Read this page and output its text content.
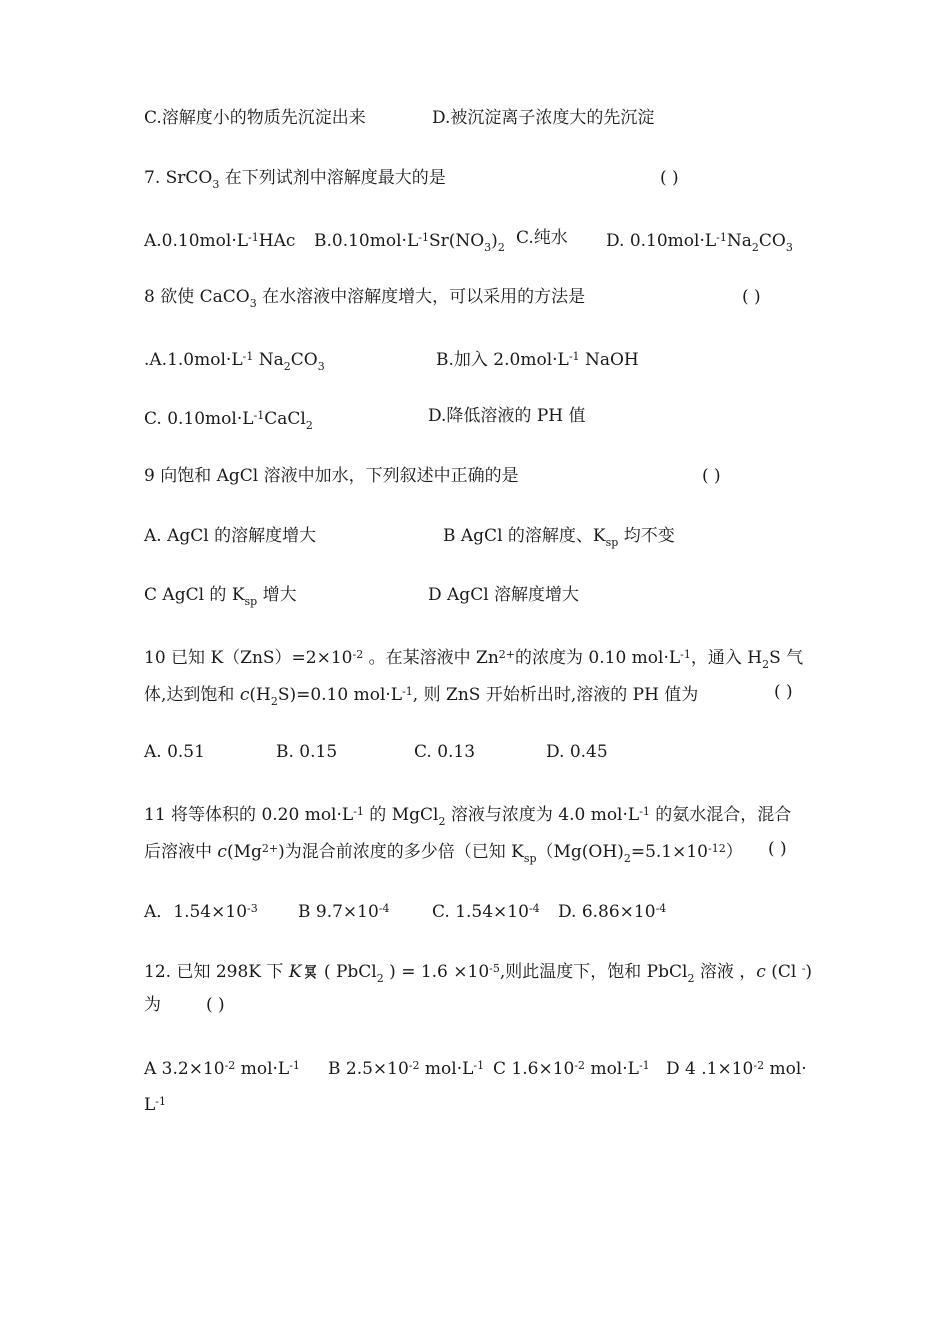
C.溶解度小的物质先沉淀出来	D.被沉淀离子浓度大的先沉淀
7. SrCO$_3$ 在下列试剂中溶解度最大的是	( )
$A.0.10mol\cdot L^{-1}HAc$ $B.0.10mol\cdot L^{-1}Sr(NO_3)_2$ C.纯水 D. $0.10mol\cdot L^{-1}Na_2CO_3$
8 欲使 CaCO$_3$ 在水溶液中溶解度增大，可以采用的方法是	( )
$.A.1.0mol\cdot L^{-1}$ $Na_2CO_3$	B.加入 $2.0mol\cdot L^{-1}$ NaOH
C. $0.10mol\cdot L^{-1}CaCl_2$	D.降低溶液的 PH 值
9 向饱和 AgCl 溶液中加水，下列叙述中正确的是	( )
A. AgCl 的溶解度增大	B AgCl 的溶解度、$K_{sp}$ 均不变
C AgCl 的 $K_{sp}$ 增大	D AgCl 溶解度增大
10 已知 $K(ZnS)=2\times 10^{-2}$ 。在某溶液中 $Zn^{2+}$的浓度为 0.10 $mol\cdot L^{-1}$，通入 $H_2S$ 气
体,达到饱和 $c(H_2S)=0.10$ $mol\cdot L^{-1}$, 则 ZnS 开始析出时,溶液的 PH 值为	( )
A. 0.51	B. 0.15	C. 0.13	D. 0.45
11 将等体积的 0.20 $mol\cdot L^{-1}$ 的 MgCl$_2$ 溶液与浓度为 4.0 $mol\cdot L^{-1}$ 的氨水混合，混合
后溶液中 $c(Mg^{2+})$为混合前浓度的多少倍（已知 $K_{sp}(Mg(OH)_2=5.1\times 10^{-12})$ ( )
A．$1.54\times 10^{-3}$ B $9.7\times 10^{-4}$ C. $1.54\times 10^{-4}$ D. $6.86\times 10^{-4}$
12. 已知 298K 下 K 冥 ( PbCl$_2$ ) = $1.6 \times 10^{-5}$,则此温度下，饱和 PbCl$_2$ 溶液 ，c (Cl -)
为	( )
A $3.2\times 10^{-2}$ $mol\cdot L^{-1}$ B $2.5\times 10^{-2}$ $mol\cdot L^{-1}$ C $1.6\times 10^{-2}$ $mol\cdot L^{-1}$ D 4 $.1\times 10^{-2}$ mol·
$L^{-1}$
